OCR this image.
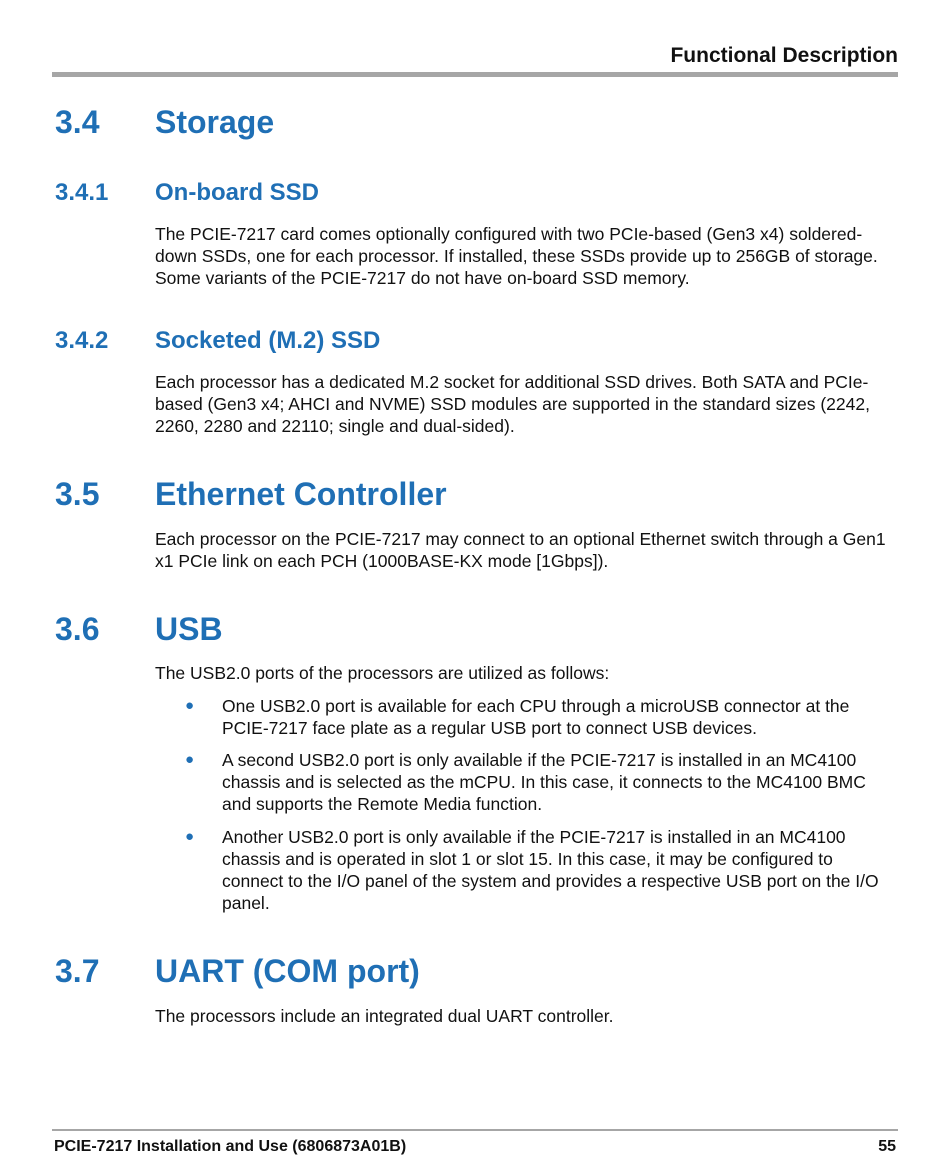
Functional Description
3.4 Storage
3.4.1 On-board SSD
The PCIE-7217 card comes optionally configured with two PCIe-based (Gen3 x4) soldered-down SSDs, one for each processor. If installed, these SSDs provide up to 256GB of storage. Some variants of the PCIE-7217 do not have on-board SSD memory.
3.4.2 Socketed (M.2) SSD
Each processor has a dedicated M.2 socket for additional SSD drives. Both SATA and PCIe-based (Gen3 x4; AHCI and NVME) SSD modules are supported in the standard sizes (2242, 2260, 2280 and 22110; single and dual-sided).
3.5 Ethernet Controller
Each processor on the PCIE-7217 may connect to an optional Ethernet switch through a Gen1 x1 PCIe link on each PCH (1000BASE-KX mode [1Gbps]).
3.6 USB
The USB2.0 ports of the processors are utilized as follows:
● One USB2.0 port is available for each CPU through a microUSB connector at the PCIE-7217 face plate as a regular USB port to connect USB devices.
● A second USB2.0 port is only available if the PCIE-7217 is installed in an MC4100 chassis and is selected as the mCPU. In this case, it connects to the MC4100 BMC and supports the Remote Media function.
● Another USB2.0 port is only available if the PCIE-7217 is installed in an MC4100 chassis and is operated in slot 1 or slot 15. In this case, it may be configured to connect to the I/O panel of the system and provides a respective USB port on the I/O panel.
3.7 UART (COM port)
The processors include an integrated dual UART controller.
PCIE-7217 Installation and Use (6806873A01B)	55
